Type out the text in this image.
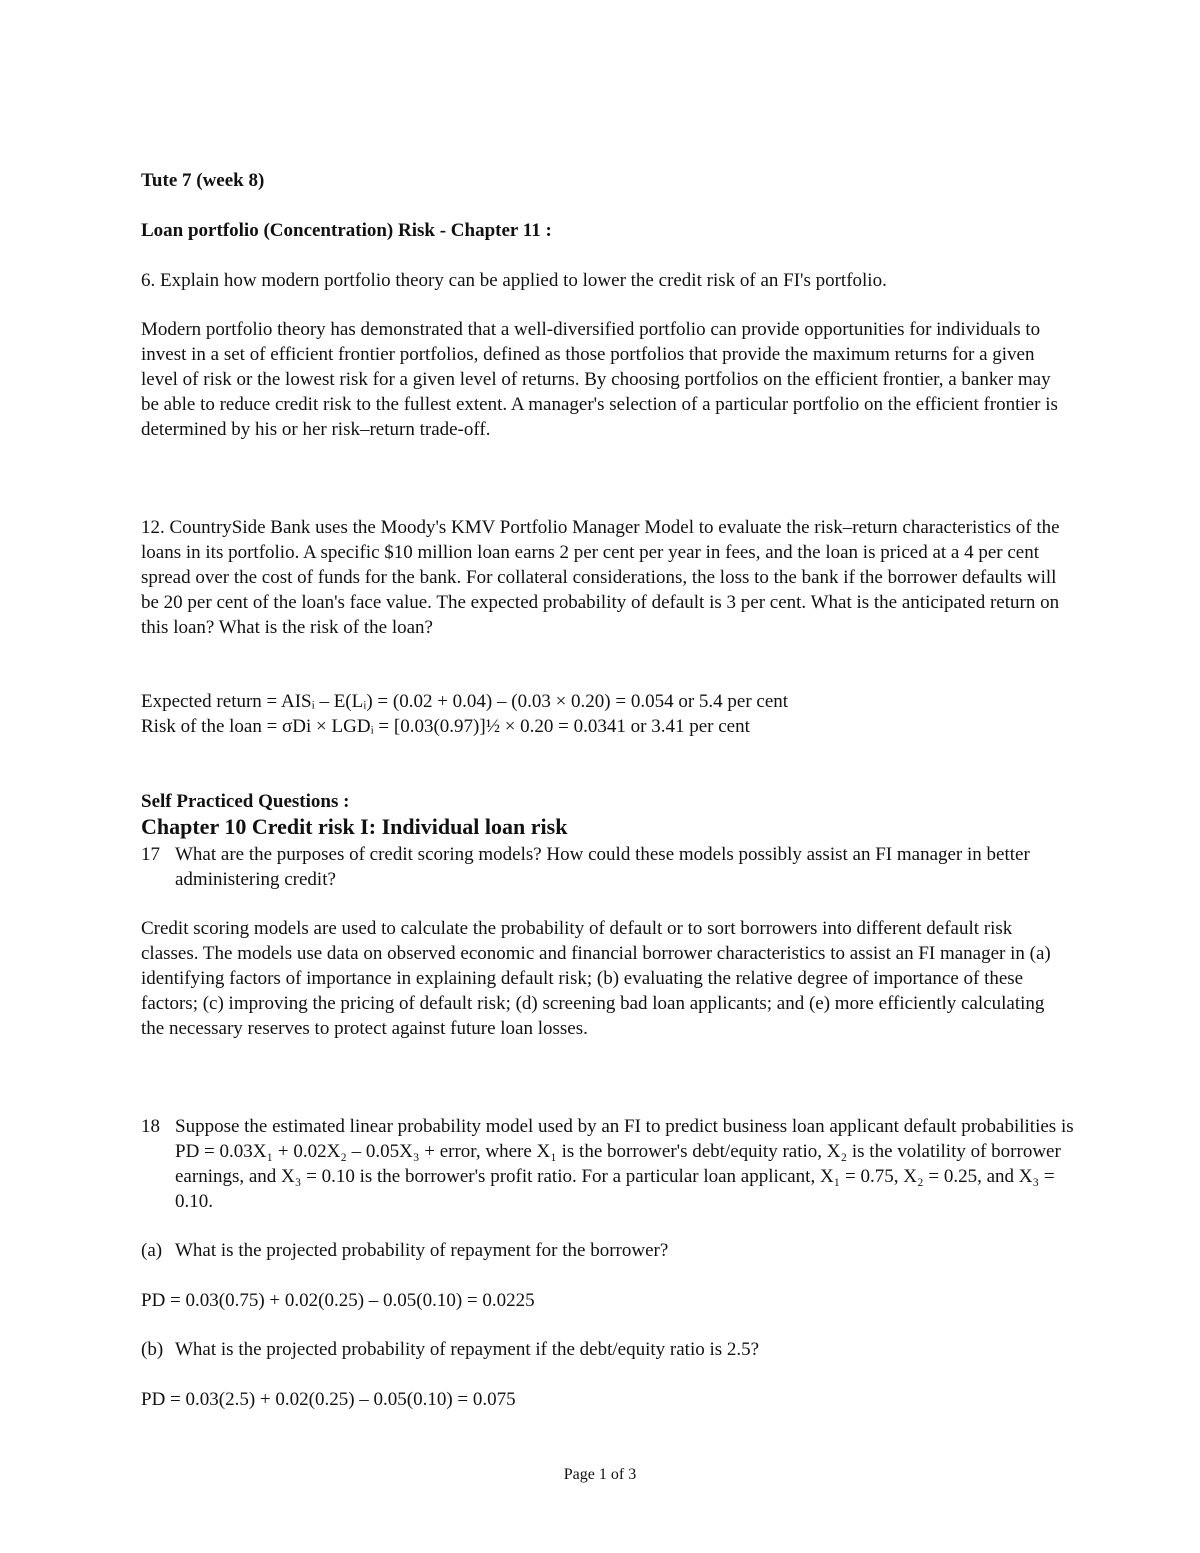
Tute 7 (week 8)

Loan portfolio (Concentration) Risk - Chapter 11 :

6. Explain how modern portfolio theory can be applied to lower the credit risk of an FI's portfolio.

Modern portfolio theory has demonstrated that a well-diversified portfolio can provide opportunities for individuals to invest in a set of efficient frontier portfolios, defined as those portfolios that provide the maximum returns for a given level of risk or the lowest risk for a given level of returns. By choosing portfolios on the efficient frontier, a banker may be able to reduce credit risk to the fullest extent. A manager's selection of a particular portfolio on the efficient frontier is determined by his or her risk–return trade-off.

12. CountrySide Bank uses the Moody's KMV Portfolio Manager Model to evaluate the risk–return characteristics of the loans in its portfolio. A specific $10 million loan earns 2 per cent per year in fees, and the loan is priced at a 4 per cent spread over the cost of funds for the bank. For collateral considerations, the loss to the bank if the borrower defaults will be 20 per cent of the loan's face value. The expected probability of default is 3 per cent. What is the anticipated return on this loan? What is the risk of the loan?

Expected return = AISᵢ – E(Lᵢ) = (0.02 + 0.04) – (0.03 × 0.20) = 0.054 or 5.4 per cent

Risk of the loan = σDi × LGDᵢ = [0.03(0.97)]½ × 0.20 = 0.0341 or 3.41 per cent

Self Practiced Questions :

Chapter 10 Credit risk I: Individual loan risk

17 What are the purposes of credit scoring models? How could these models possibly assist an FI manager in better administering credit?

Credit scoring models are used to calculate the probability of default or to sort borrowers into different default risk classes. The models use data on observed economic and financial borrower characteristics to assist an FI manager in (a) identifying factors of importance in explaining default risk; (b) evaluating the relative degree of importance of these factors; (c) improving the pricing of default risk; (d) screening bad loan applicants; and (e) more efficiently calculating the necessary reserves to protect against future loan losses.

18 Suppose the estimated linear probability model used by an FI to predict business loan applicant default probabilities is PD = 0.03X₁ + 0.02X₂ – 0.05X₃ + error, where X₁ is the borrower's debt/equity ratio, X₂ is the volatility of borrower earnings, and X₃ = 0.10 is the borrower's profit ratio. For a particular loan applicant, X₁ = 0.75, X₂ = 0.25, and X₃ = 0.10.

(a) What is the projected probability of repayment for the borrower?

PD = 0.03(0.75) + 0.02(0.25) – 0.05(0.10) = 0.0225

(b) What is the projected probability of repayment if the debt/equity ratio is 2.5?

PD = 0.03(2.5) + 0.02(0.25) – 0.05(0.10) = 0.075

Page 1 of 3
